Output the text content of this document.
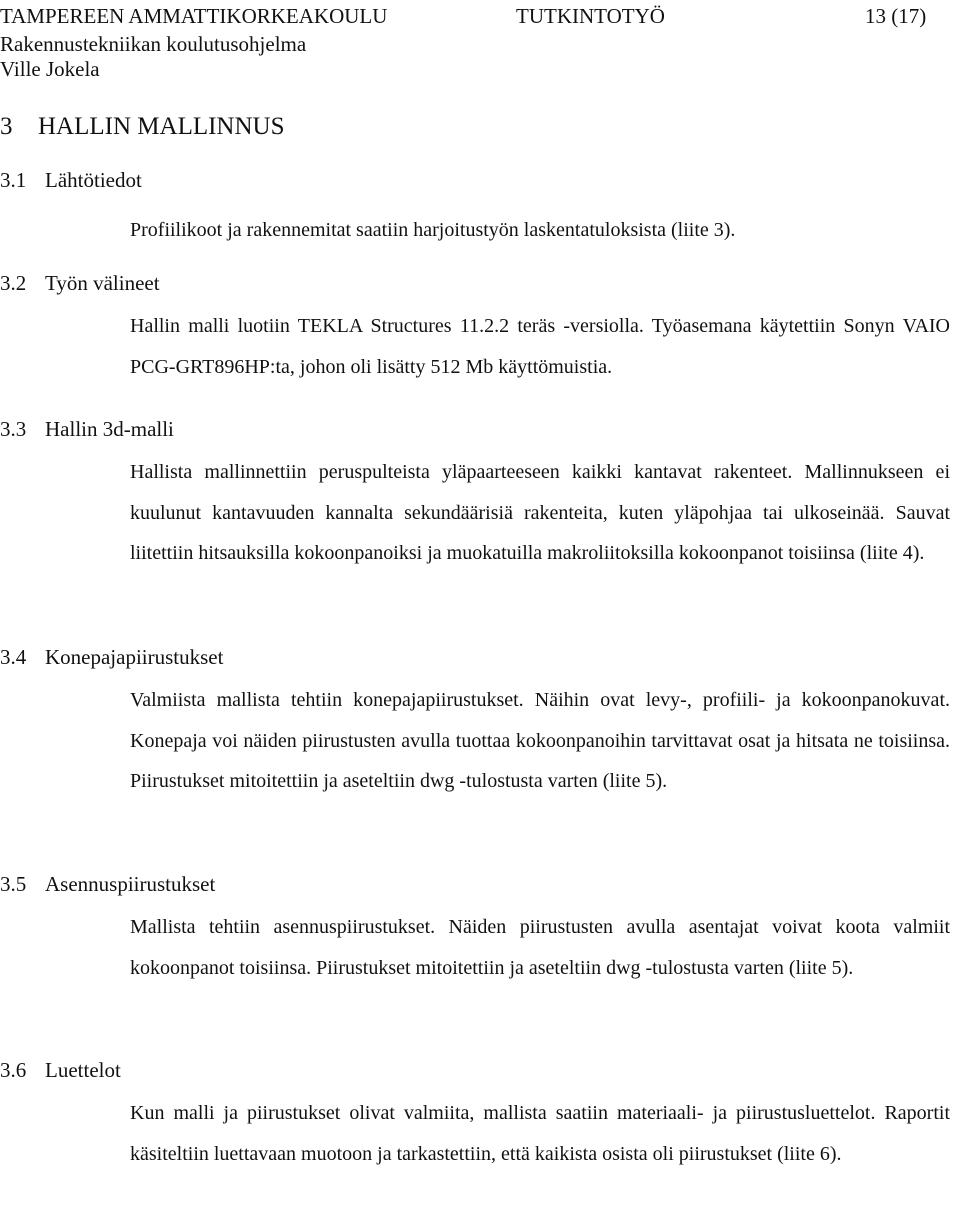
TAMPEREEN AMMATTIKORKEAKOULU	TUTKINTOTYÖ	13 (17)
Rakennustekniikan koulutusohjelma
Ville Jokela
3 HALLIN MALLINNUS
3.1 Lähtötiedot
Profiilikoot ja rakennemitat saatiin harjoitustyön laskentatuloksista (liite 3).
3.2 Työn välineet
Hallin malli luotiin TEKLA Structures 11.2.2 teräs -versiolla. Työasemana käytettiin Sonyn VAIO PCG-GRT896HP:ta, johon oli lisätty 512 Mb käyttömuistia.
3.3 Hallin 3d-malli
Hallista mallinnettiin peruspulteista yläpaarteeseen kaikki kantavat rakenteet. Mallinnukseen ei kuulunut kantavuuden kannalta sekundäärisiä rakenteita, kuten yläpohjaa tai ulkoseinää. Sauvat liitettiin hitsauksilla kokoonpanoiksi ja muokatuilla makroliitoksilla kokoonpanot toisiinsa (liite 4).
3.4 Konepajapiirustukset
Valmiista mallista tehtiin konepajapiirustukset. Näihin ovat levy-, profiili- ja kokoonpanokuvat. Konepaja voi näiden piirustusten avulla tuottaa kokoonpanoihin tarvittavat osat ja hitsata ne toisiinsa. Piirustukset mitoitettiin ja aseteltiin dwg -tulostusta varten (liite 5).
3.5 Asennuspiirustukset
Mallista tehtiin asennuspiirustukset. Näiden piirustusten avulla asentajat voivat koota valmiit kokoonpanot toisiinsa. Piirustukset mitoitettiin ja aseteltiin dwg -tulostusta varten (liite 5).
3.6 Luettelot
Kun malli ja piirustukset olivat valmiita, mallista saatiin materiaali- ja piirustusluettelot. Raportit käsiteltiin luettavaan muotoon ja tarkastettiin, että kaikista osista oli piirustukset (liite 6).
